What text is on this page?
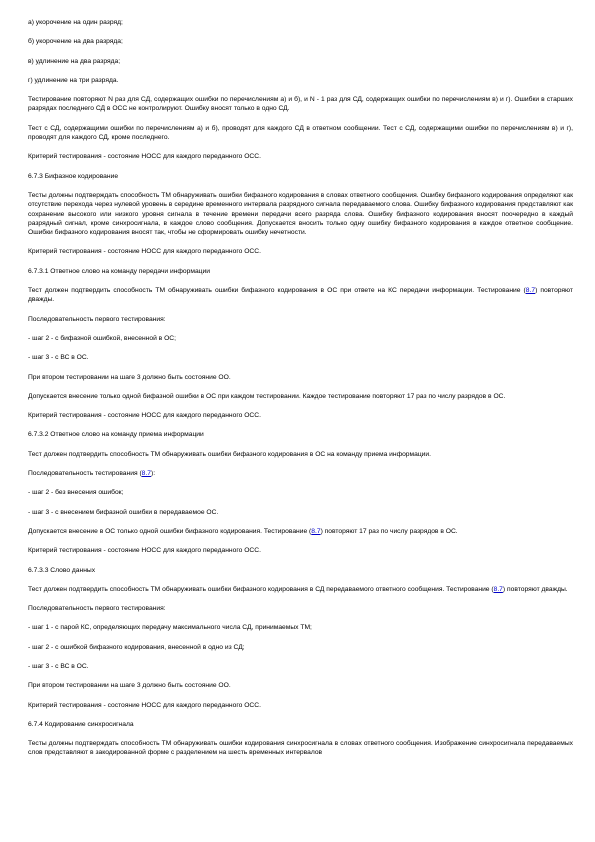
а) укорочение на один разряд;

б) укорочение на два разряда;

в) удлинение на два разряда;

г) удлинение на три разряда.

Тестирование повторяют N раз для СД, содержащих ошибки по перечислениям а) и б), и N - 1 раз для СД, содержащих ошибки по перечислениям в) и г). Ошибки в старших разрядах последнего СД в ОСС не контролируют. Ошибку вносят только в одно СД.

Тест с СД, содержащими ошибки по перечислениям а) и б), проводят для каждого СД в ответном сообщении. Тест с СД, содержащими ошибки по перечислениям в) и г), проводят для каждого СД, кроме последнего.

Критерий тестирования - состояние НОСС для каждого переданного ОСС.

6.7.3 Бифазное кодирование

Тесты должны подтверждать способность ТМ обнаруживать ошибки бифазного кодирования в словах ответного сообщения. Ошибку бифазного кодирования определяют как отсутствие перехода через нулевой уровень в середине временного интервала разрядного сигнала передаваемого слова. Ошибку бифазного кодирования представляют как сохранение высокого или низкого уровня сигнала в течение времени передачи всего разряда слова. Ошибку бифазного кодирования вносят поочередно в каждый разрядный сигнал, кроме синхросигнала, в каждое слово сообщения. Допускается вносить только одну ошибку бифазного кодирования в каждое ответное сообщение. Ошибки бифазного кодирования вносят так, чтобы не сформировать ошибку нечетности.

Критерий тестирования - состояние НОСС для каждого переданного ОСС.

6.7.3.1 Ответное слово на команду передачи информации

Тест должен подтвердить способность ТМ обнаруживать ошибки бифазного кодирования в ОС при ответе на КС передачи информации. Тестирование (8.7) повторяют дважды.

Последовательность первого тестирования:

- шаг 2 - с бифазной ошибкой, внесенной в ОС;

- шаг 3 - с ВС в ОС.

При втором тестировании на шаге 3 должно быть состояние ОО.

Допускается внесение только одной бифазной ошибки в ОС при каждом тестировании. Каждое тестирование повторяют 17 раз по числу разрядов в ОС.

Критерий тестирования - состояние НОСС для каждого переданного ОСС.

6.7.3.2 Ответное слово на команду приема информации

Тест должен подтвердить способность ТМ обнаруживать ошибки бифазного кодирования в ОС на команду приема информации.

Последовательность тестирования (8.7):

- шаг 2 - без внесения ошибок;

- шаг 3 - с внесением бифазной ошибки в передаваемое ОС.

Допускается внесение в ОС только одной ошибки бифазного кодирования. Тестирование (8.7) повторяют 17 раз по числу разрядов в ОС.

Критерий тестирования - состояние НОСС для каждого переданного ОСС.

6.7.3.3 Слово данных

Тест должен подтвердить способность ТМ обнаруживать ошибки бифазного кодирования в СД передаваемого ответного сообщения. Тестирование (8.7) повторяют дважды.

Последовательность первого тестирования:

- шаг 1 - с парой КС, определяющих передачу максимального числа СД, принимаемых ТМ;

- шаг 2 - с ошибкой бифазного кодирования, внесенной в одно из СД;

- шаг 3 - с ВС в ОС.

При втором тестировании на шаге 3 должно быть состояние ОО.

Критерий тестирования - состояние НОСС для каждого переданного ОСС.

6.7.4 Кодирование синхросигнала

Тесты должны подтверждать способность ТМ обнаруживать ошибки кодирования синхросигнала в словах ответного сообщения. Изображение синхросигнала передаваемых слов представляют в закодированной форме с разделением на шесть временных интервалов
